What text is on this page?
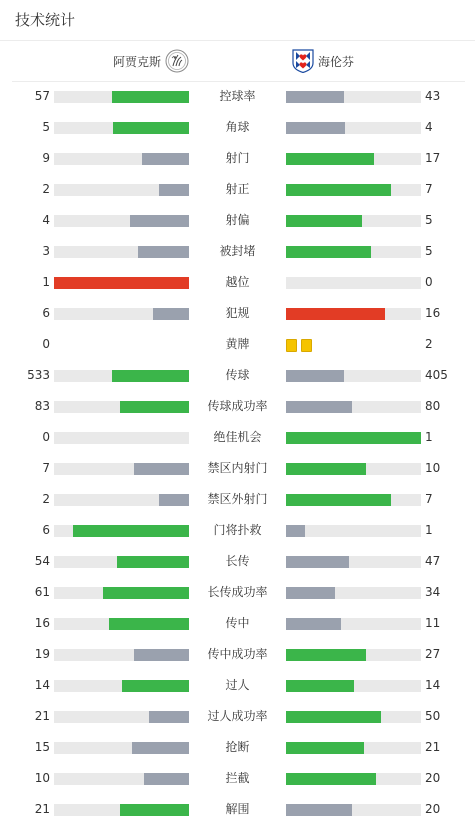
技术统计
阿贾克斯	海伦芬
57	控球率	43
5	角球	4
9	射门	17
2	射正	7
4	射偏	5
3	被封堵	5
1	越位	0
6	犯规	16
0	黄牌	2
533	传球	405
83	传球成功率	80
0	绝佳机会	1
7	禁区内射门	10
2	禁区外射门	7
6	门将扑救	1
54	长传	47
61	长传成功率	34
16	传中	11
19	传中成功率	27
14	过人	14
21	过人成功率	50
15	抢断	21
10	拦截	20
21	解围	20
